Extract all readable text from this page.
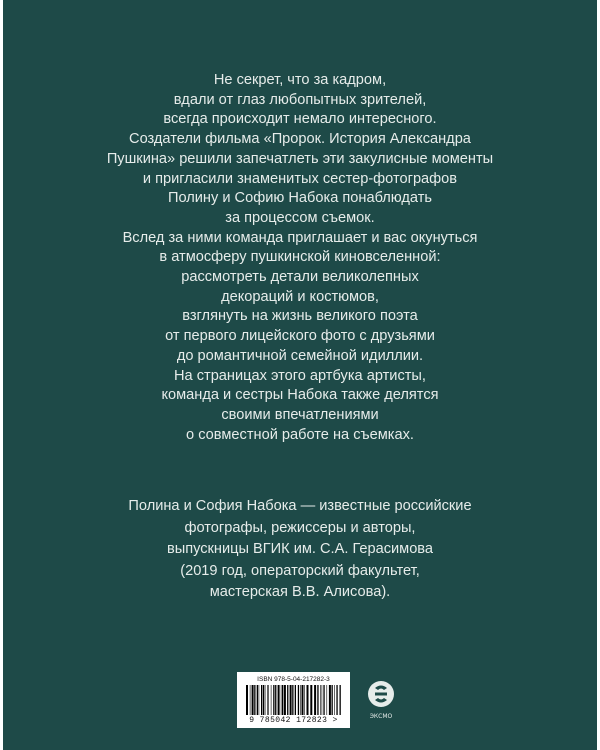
Не секрет, что за кадром,
вдали от глаз любопытных зрителей,
всегда происходит немало интересного.
Создатели фильма «Пророк. История Александра
Пушкина» решили запечатлеть эти закулисные моменты
и пригласили знаменитых сестер-фотографов
Полину и Софию Набока понаблюдать
за процессом съемок.
Вслед за ними команда приглашает и вас окунуться
в атмосферу пушкинской киновселенной:
рассмотреть детали великолепных
декораций и костюмов,
взглянуть на жизнь великого поэта
от первого лицейского фото с друзьями
до романтичной семейной идиллии.
На страницах этого артбука артисты,
команда и сестры Набока также делятся
своими впечатлениями
о совместной работе на съемках.
Полина и София Набока — известные российские
фотографы, режиссеры и авторы,
выпускницы ВГИК им. С.А. Герасимова
(2019 год, операторский факультет,
мастерская В.В. Алисова).
ISBN 978-5-04-217282-3
9 785042 172823 >	ЭКСМО
